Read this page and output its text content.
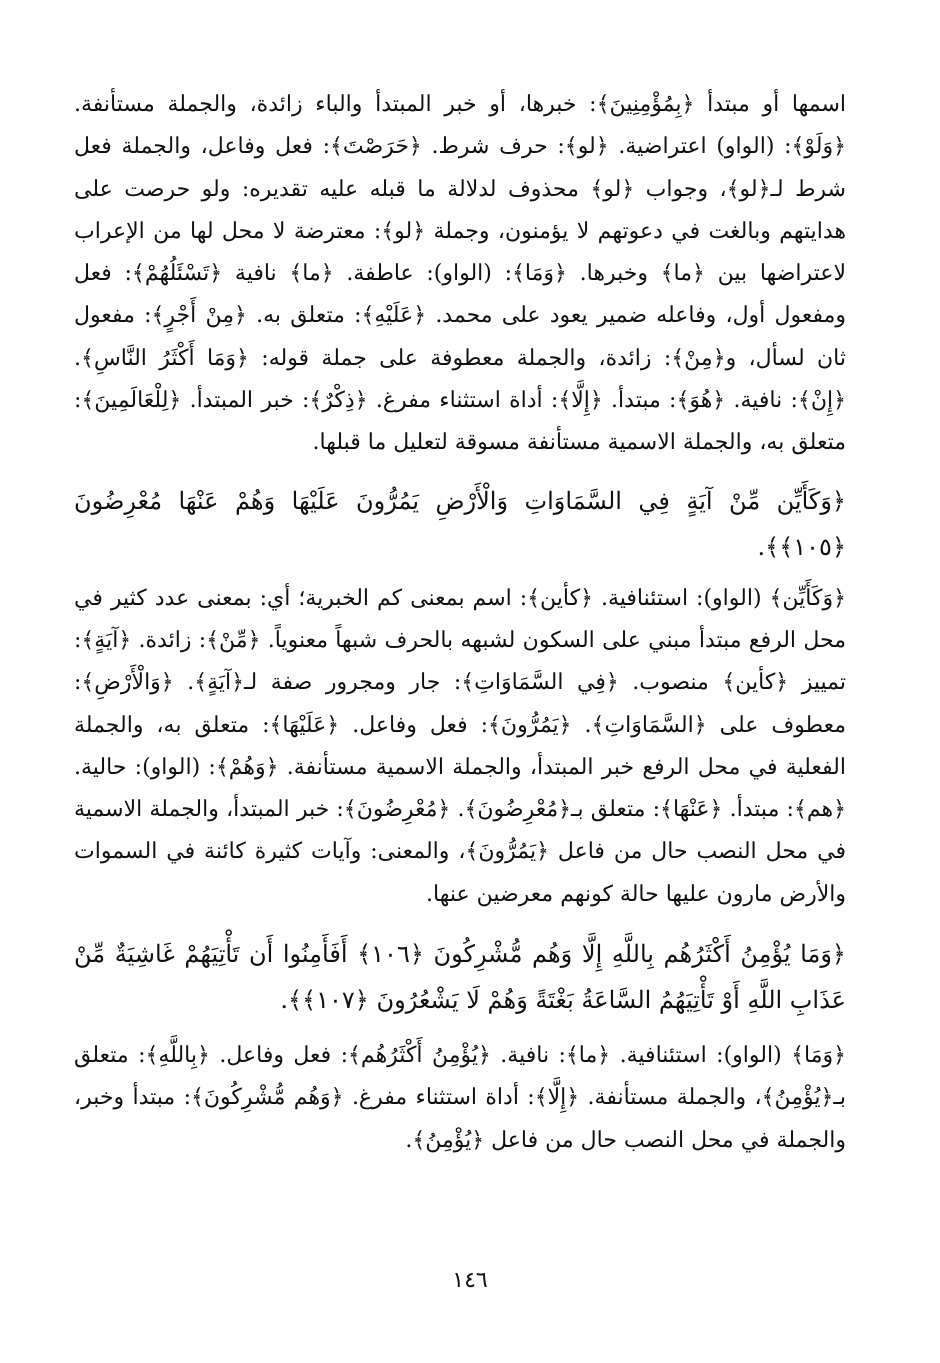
اسمها أو مبتدأ ﴿بِمُؤْمِنِينَ﴾: خبرها، أو خبر المبتدأ والباء زائدة، والجملة مستأنفة. ﴿وَلَوْ﴾: (الواو) اعتراضية. ﴿لو﴾: حرف شرط. ﴿حَرَصْتَ﴾: فعل وفاعل، والجملة فعل شرط لـ﴿لو﴾، وجواب ﴿لو﴾ محذوف لدلالة ما قبله عليه تقديره: ولو حرصت على هدايتهم وبالغت في دعوتهم لا يؤمنون، وجملة ﴿لو﴾: معترضة لا محل لها من الإعراب لاعتراضها بين ﴿ما﴾ وخبرها. ﴿وَمَا﴾: (الواو): عاطفة. ﴿ما﴾ نافية ﴿تَسْئَلُهُمْ﴾: فعل ومفعول أول، وفاعله ضمير يعود على محمد. ﴿عَلَيْهِ﴾: متعلق به. ﴿مِنْ أَجْرٍ﴾: مفعول ثان لسأل، و﴿مِنْ﴾: زائدة، والجملة معطوفة على جملة قوله: ﴿وَمَا أَكْثَرُ النَّاسِ﴾. ﴿إِنْ﴾: نافية. ﴿هُوَ﴾: مبتدأ. ﴿إِلَّا﴾: أداة استثناء مفرغ. ﴿ذِكْرٌ﴾: خبر المبتدأ. ﴿لِلْعَالَمِينَ﴾: متعلق به، والجملة الاسمية مستأنفة مسوقة لتعليل ما قبلها.

﴿وَكَأَيِّن مِّنْ آيَةٍ فِي السَّمَاوَاتِ وَالْأَرْضِ يَمُرُّونَ عَلَيْهَا وَهُمْ عَنْهَا مُعْرِضُونَ ﴿١٠٥﴾﴾.

﴿وَكَأَيِّن﴾ (الواو): استئنافية. ﴿كأين﴾: اسم بمعنى كم الخبرية؛ أي: بمعنى عدد كثير في محل الرفع مبتدأ مبني على السكون لشبهه بالحرف شبهاً معنوياً. ﴿مِّنْ﴾: زائدة. ﴿آيَةٍ﴾: تمييز ﴿كأين﴾ منصوب. ﴿فِي السَّمَاوَاتِ﴾: جار ومجرور صفة لـ﴿آيَةٍ﴾. ﴿وَالْأَرْضِ﴾: معطوف على ﴿السَّمَاوَاتِ﴾. ﴿يَمُرُّونَ﴾: فعل وفاعل. ﴿عَلَيْهَا﴾: متعلق به، والجملة الفعلية في محل الرفع خبر المبتدأ، والجملة الاسمية مستأنفة. ﴿وَهُمْ﴾: (الواو): حالية. ﴿هم﴾: مبتدأ. ﴿عَنْهَا﴾: متعلق بـ﴿مُعْرِضُونَ﴾. ﴿مُعْرِضُونَ﴾: خبر المبتدأ، والجملة الاسمية في محل النصب حال من فاعل ﴿يَمُرُّونَ﴾، والمعنى: وآيات كثيرة كائنة في السموات والأرض مارون عليها حالة كونهم معرضين عنها.

﴿وَمَا يُؤْمِنُ أَكْثَرُهُم بِاللَّهِ إِلَّا وَهُم مُّشْرِكُونَ ﴿١٠٦﴾ أَفَأَمِنُوا أَن تَأْتِيَهُمْ غَاشِيَةٌ مِّنْ عَذَابِ اللَّهِ أَوْ تَأْتِيَهُمُ السَّاعَةُ بَغْتَةً وَهُمْ لَا يَشْعُرُونَ ﴿١٠٧﴾﴾.

﴿وَمَا﴾ (الواو): استئنافية. ﴿ما﴾: نافية. ﴿يُؤْمِنُ أَكْثَرُهُم﴾: فعل وفاعل. ﴿بِاللَّهِ﴾: متعلق بـ﴿يُؤْمِنُ﴾، والجملة مستأنفة. ﴿إِلَّا﴾: أداة استثناء مفرغ. ﴿وَهُم مُّشْرِكُونَ﴾: مبتدأ وخبر، والجملة في محل النصب حال من فاعل ﴿يُؤْمِنُ﴾.

١٤٦
